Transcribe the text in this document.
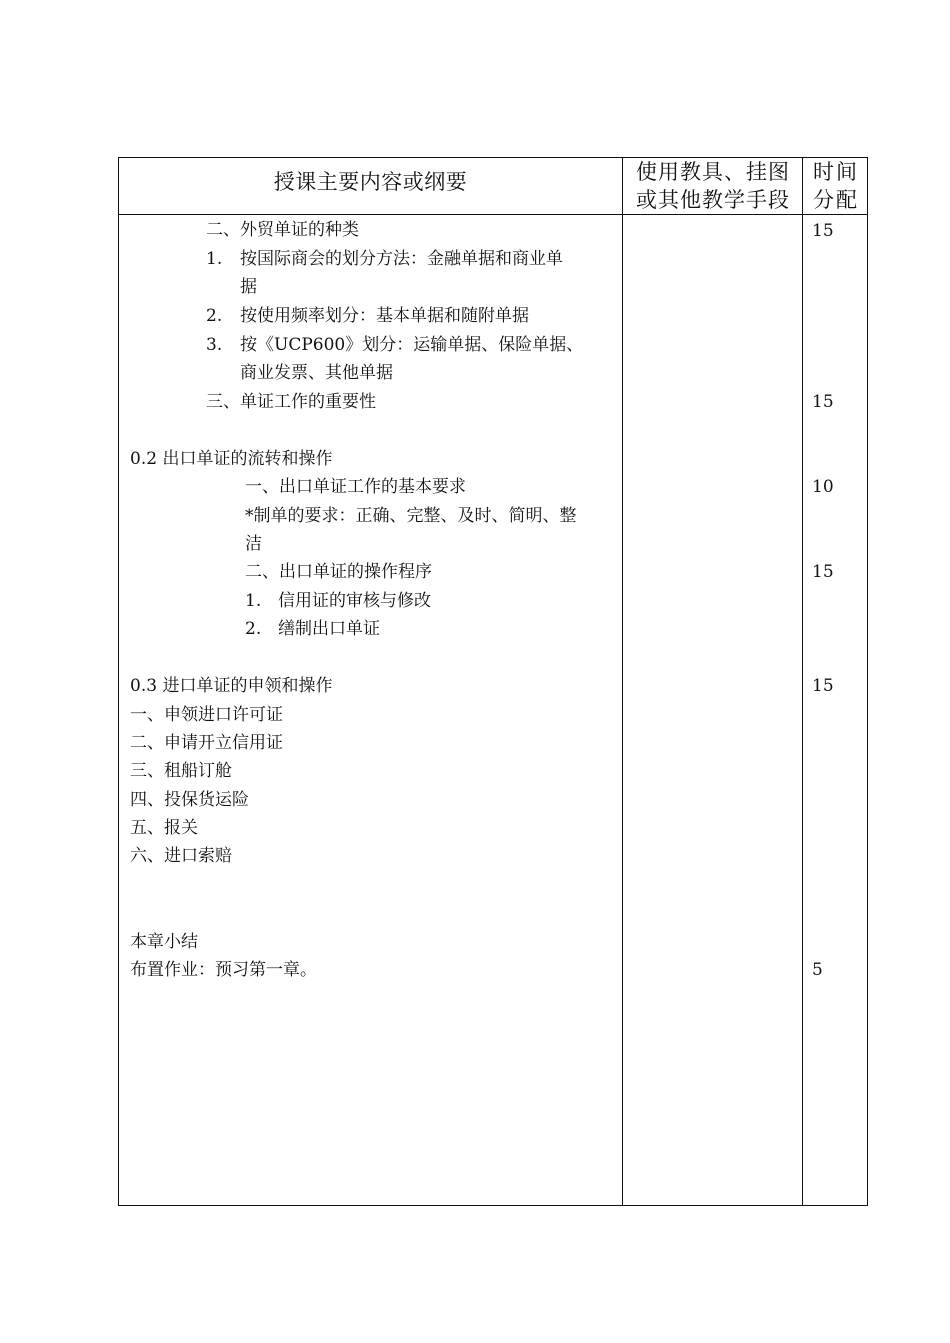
授课主要内容或纲要	使用教具、挂图
或其他教学手段
时间
分配
二、外贸单证的种类
1. 按国际商会的划分方法：金融单据和商业单
据
2. 按使用频率划分：基本单据和随附单据
3. 按《UCP600》划分：运输单据、保险单据、
商业发票、其他单据
三、单证工作的重要性
0.2 出口单证的流转和操作
一、出口单证工作的基本要求
*制单的要求：正确、完整、及时、简明、整
洁
二、出口单证的操作程序
1. 信用证的审核与修改
2. 缮制出口单证
0.3 进口单证的申领和操作
一、申领进口许可证
二、申请开立信用证
三、租船订舱
四、投保货运险
五、报关
六、进口索赔
本章小结
布置作业：预习第一章。
15
15
10
15
15
5
